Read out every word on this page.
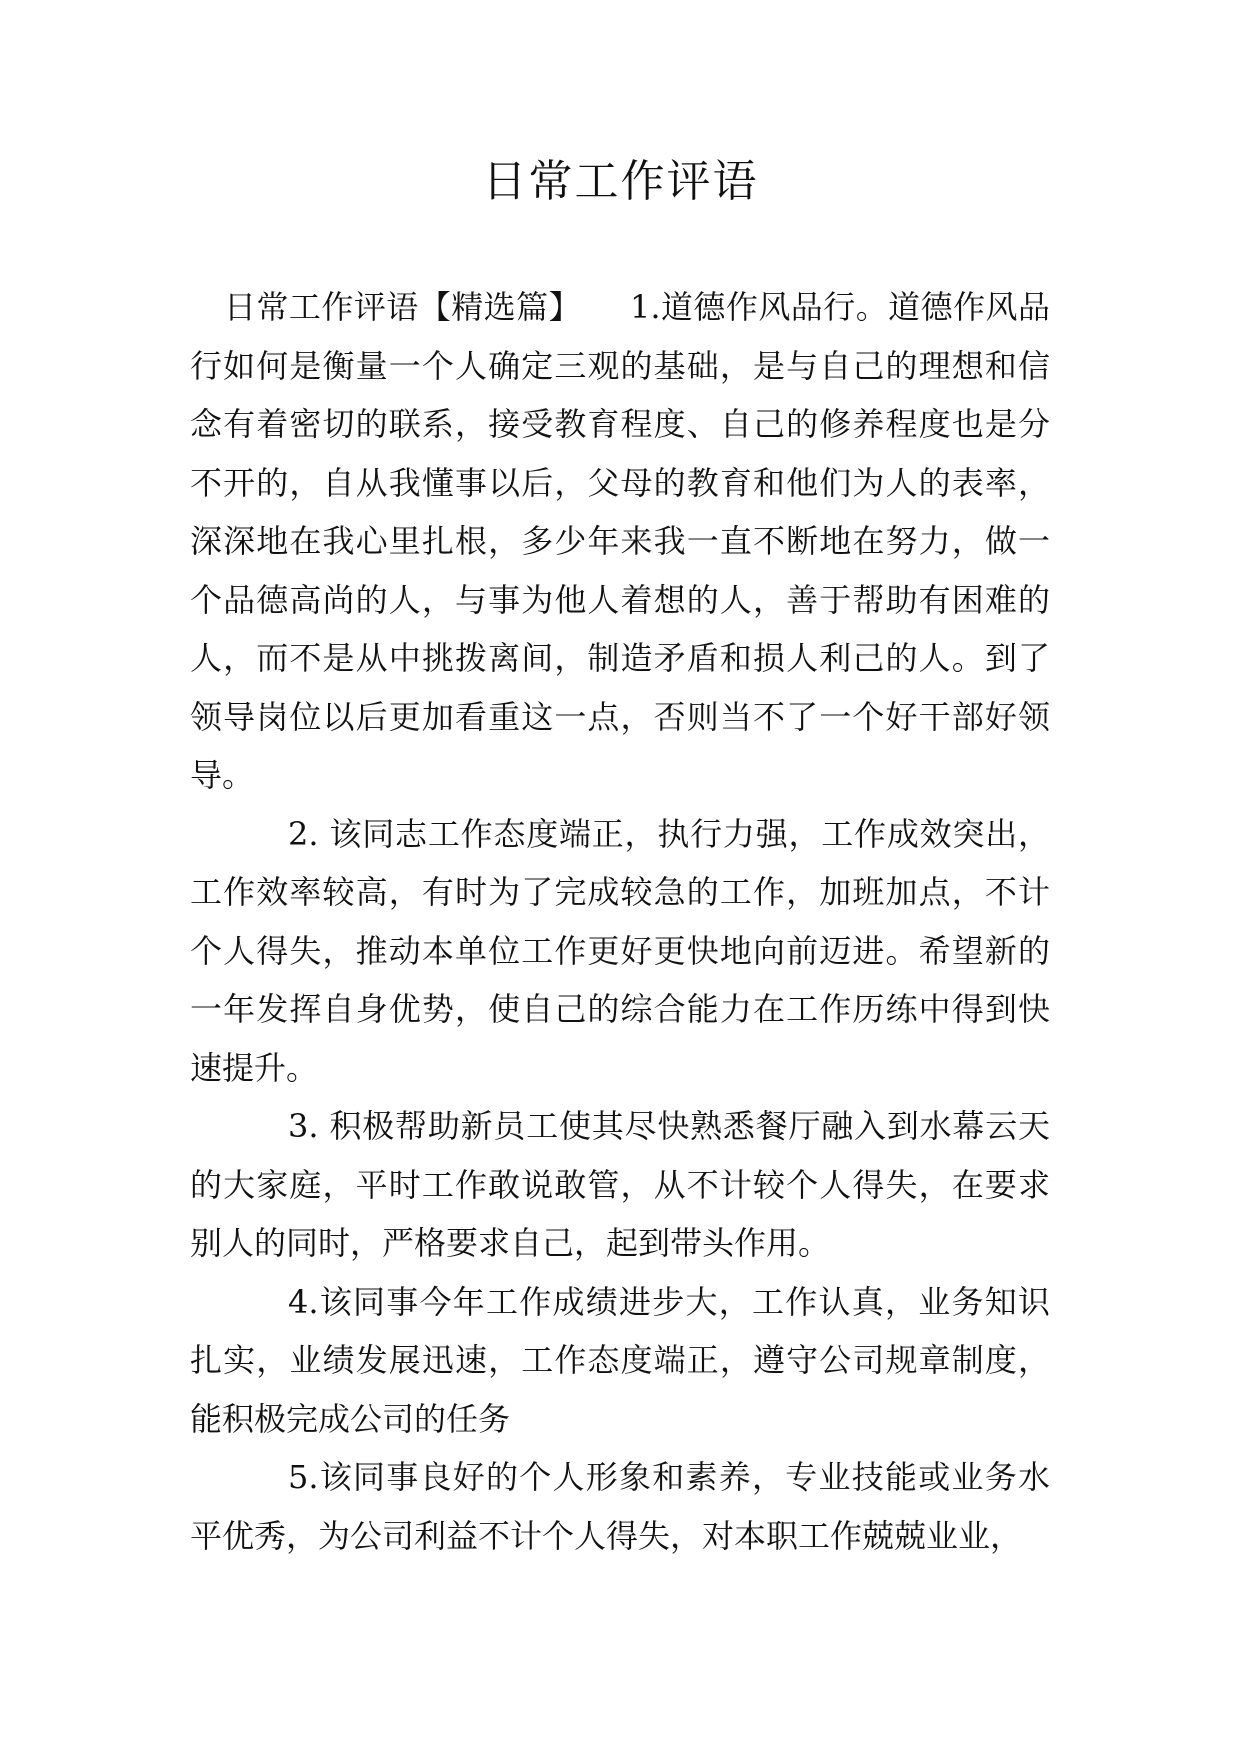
日常工作评语

日常工作评语【精选篇】　　1.道德作风品行。道德作风品行如何是衡量一个人确定三观的基础，是与自己的理想和信念有着密切的联系，接受教育程度、自己的修养程度也是分不开的，自从我懂事以后，父母的教育和他们为人的表率，深深地在我心里扎根，多少年来我一直不断地在努力，做一个品德高尚的人，与事为他人着想的人，善于帮助有困难的人，而不是从中挑拨离间，制造矛盾和损人利己的人。到了领导岗位以后更加看重这一点，否则当不了一个好干部好领导。

2. 该同志工作态度端正，执行力强，工作成效突出，工作效率较高，有时为了完成较急的工作，加班加点，不计个人得失，推动本单位工作更好更快地向前迈进。希望新的一年发挥自身优势，使自己的综合能力在工作历练中得到快速提升。

3. 积极帮助新员工使其尽快熟悉餐厅融入到水幕云天的大家庭，平时工作敢说敢管，从不计较个人得失，在要求别人的同时，严格要求自己，起到带头作用。

4.该同事今年工作成绩进步大，工作认真，业务知识扎实，业绩发展迅速，工作态度端正，遵守公司规章制度，能积极完成公司的任务

5.该同事良好的个人形象和素养，专业技能或业务水平优秀，为公司利益不计个人得失，对本职工作兢兢业业，
